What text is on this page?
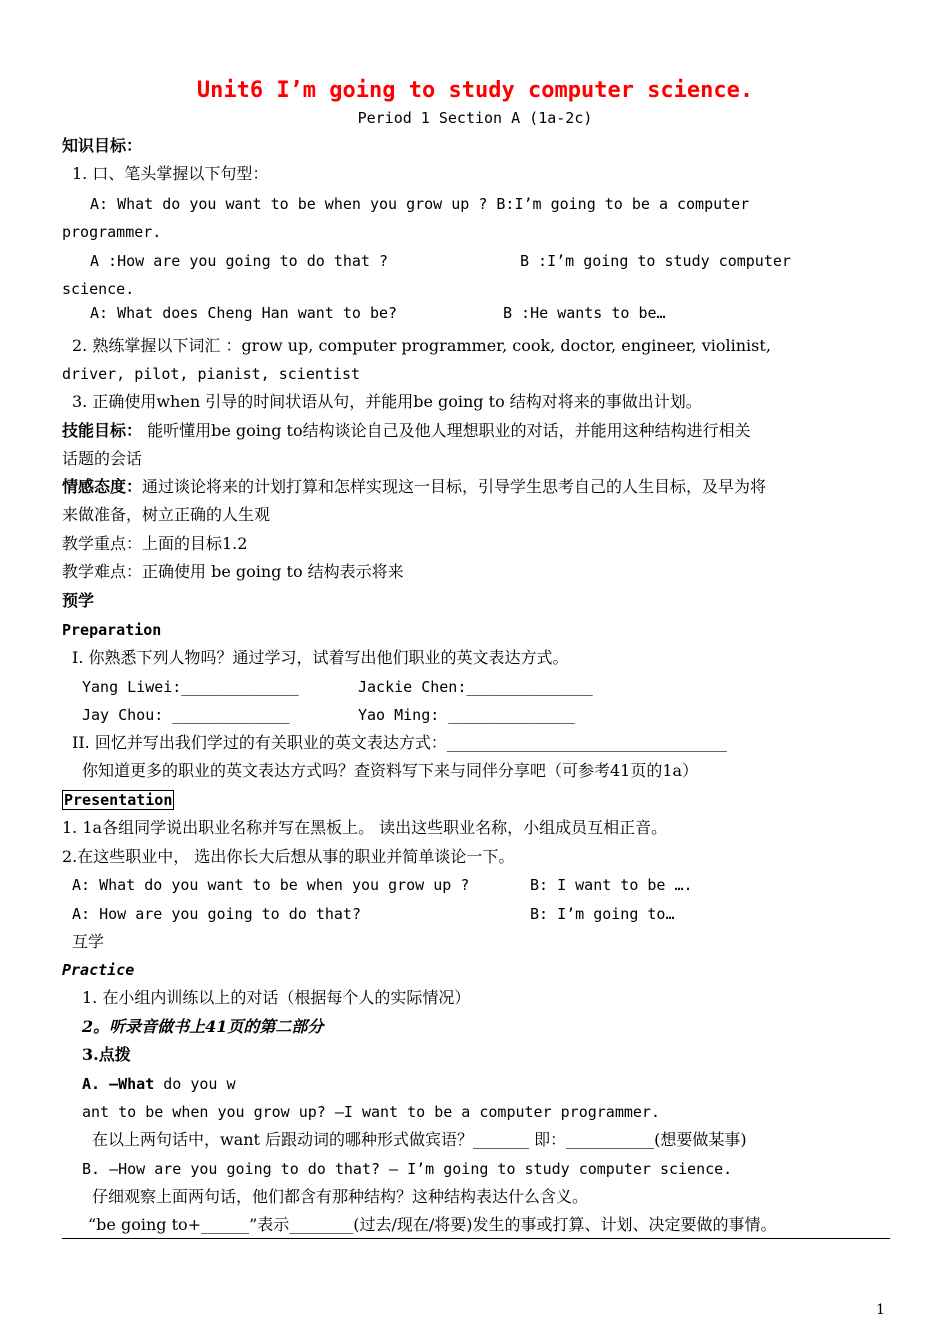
Unit6 I’m going to study computer science.
Period 1 Section A (1a-2c)
知识目标：
1. 口、笔头掌握以下句型：
A: What do you want to be when you grow up ? B:I’m going to be a computer
programmer.
A :How are you going to do that ?	B :I’m going to study computer
science.
A: What does Cheng Han want to be?	B :He wants to be…
2. 熟练掌握以下词汇 ：grow up, computer programmer, cook, doctor, engineer, violinist,
driver, pilot, pianist, scientist
3. 正确使用when 引导的时间状语从句，并能用be going to 结构对将来的事做出计划。
技能目标： 能听懂用be going to结构谈论自己及他人理想职业的对话，并能用这种结构进行相关
话题的会话
情感态度：通过谈论将来的计划打算和怎样实现这一目标，引导学生思考自己的人生目标，及早为将
来做准备，树立正确的人生观
教学重点：上面的目标1.2
教学难点：正确使用 be going to 结构表示将来
预学
Preparation
I. 你熟悉下列人物吗？通过学习，试着写出他们职业的英文表达方式。
Yang Liwei:_____________	Jackie Chen:______________
Jay Chou: _____________	Yao Ming: ______________
II. 回忆并写出我们学过的有关职业的英文表达方式：___________________________________
你知道更多的职业的英文表达方式吗？查资料写下来与同伴分享吧（可参考41页的1a）
Presentation
1. 1a各组同学说出职业名称并写在黑板上。 读出这些职业名称，小组成员互相正音。
2.在这些职业中， 选出你长大后想从事的职业并简单谈论一下。
A: What do you want to be when you grow up ?	B: I want to be ….
A: How are you going to do that?	B: I’m going to…
互学
Practice
1. 在小组内训练以上的对话（根据每个人的实际情况）
2。听录音做书上41页的第二部分
3.点拨
A. –What do you w
ant to be when you grow up? –I want to be a computer programmer.
在以上两句话中，want 后跟动词的哪种形式做宾语？_______ 即：___________(想要做某事)
B. –How are you going to do that? – I’m going to study computer science.
仔细观察上面两句话，他们都含有那种结构？这种结构表达什么含义。
“be going to+______”表示________(过去/现在/将要)发生的事或打算、计划、决定要做的事情。
1
